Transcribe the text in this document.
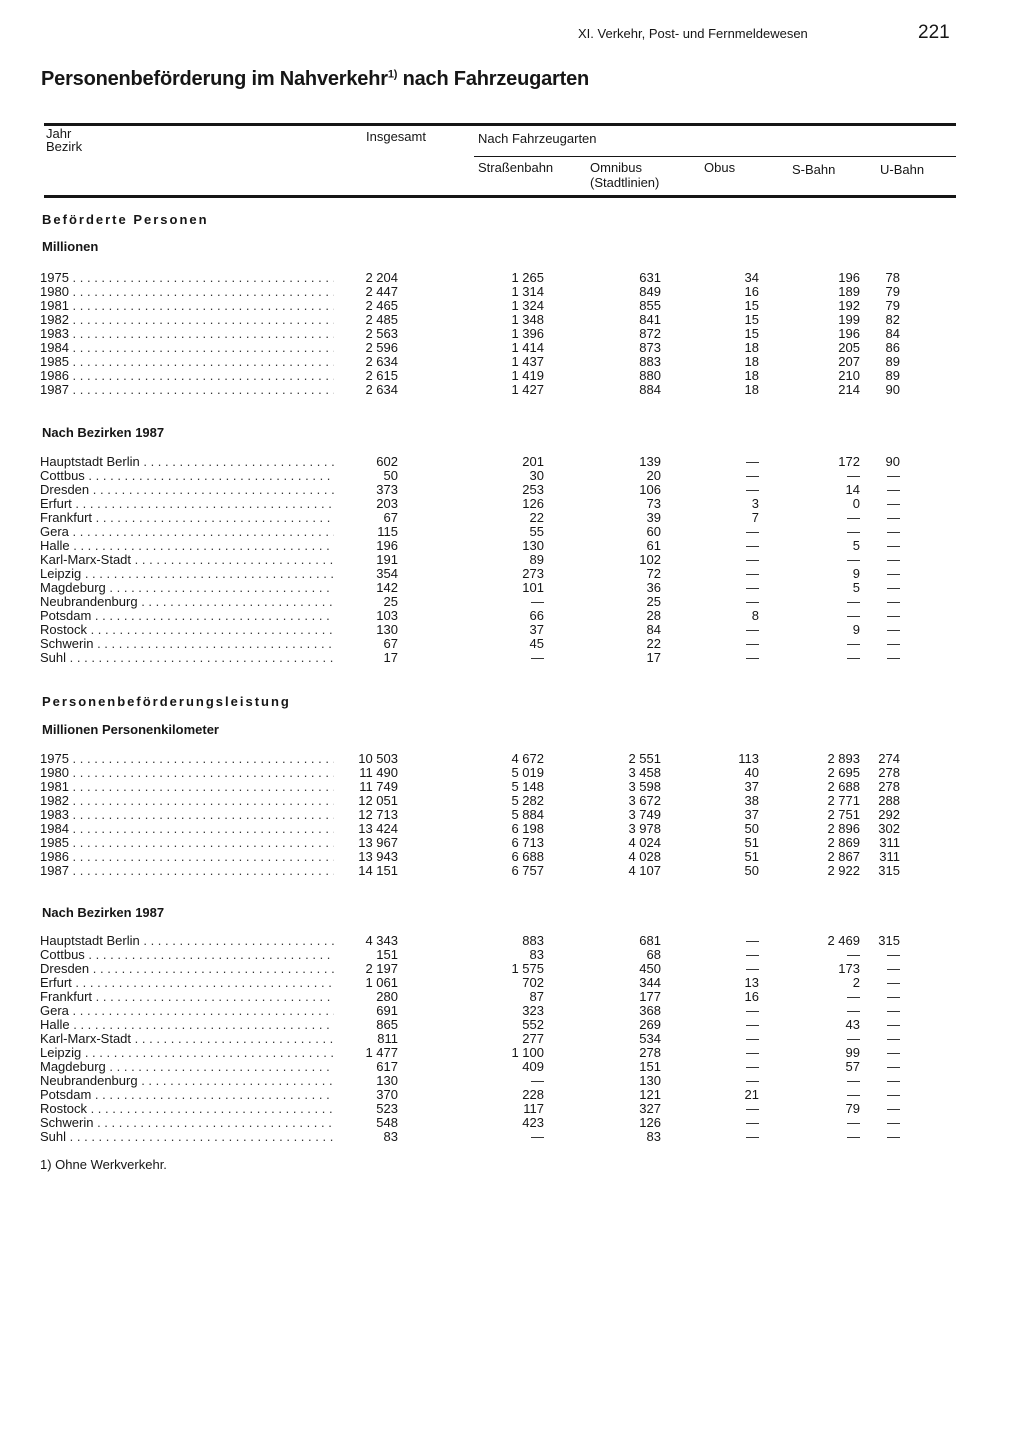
XI. Verkehr, Post- und Fernmeldewesen	221
Personenbeförderung im Nahverkehr$^{1)}$ nach Fahrzeugarten
Jahr
Bezirk
Insgesamt	Nach Fahrzeugarten
Straßenbahn	Omnibus
(Stadtlinien)
Obus	S-Bahn	U-Bahn
Beförderte Personen
Millionen
Nach Bezirken 1987
Personenbeförderungsleistung
Millionen Personenkilometer
Nach Bezirken 1987
1975 . . .	2 204	1 265	631	34	196	78
1980 . . .	2 447	1 314	849	16	189	79
1981 . . .	2 465	1 324	855	15	192	79
1982 . . .	2 485	1 348	841	15	199	82
1983 . . .	2 563	1 396	872	15	196	84
1984 . . .	2 596	1 414	873	18	205	86
1985 . . .	2 634	1 437	883	18	207	89
1986 . . .	2 615	1 419	880	18	210	89
1987 . . .	2 634	1 427	884	18	214	90
Hauptstadt Berlin . . .	602	201	139	—	172	90
Cottbus . . .	50	30	20	—	—	—
Dresden . . .	373	253	106	—	14	—
Erfurt . . .	203	126	73	3	0	—
Frankfurt . . .	67	22	39	7	—	—
Gera . . .	115	55	60	—	—	—
Halle . . .	196	130	61	—	5	—
Karl-Marx-Stadt . . .	191	89	102	—	—	—
Leipzig . . .	354	273	72	—	9	—
Magdeburg . . .	142	101	36	—	5	—
Neubrandenburg . . .	25	—	25	—	—	—
Potsdam . . .	103	66	28	8	—	—
Rostock . . .	130	37	84	—	9	—
Schwerin . . .	67	45	22	—	—	—
Suhl . . .	17	—	17	—	—	—
1975 . . .	10 503	4 672	2 551	113	2 893	274
1980 . . .	11 490	5 019	3 458	40	2 695	278
1981 . . .	11 749	5 148	3 598	37	2 688	278
1982 . . .	12 051	5 282	3 672	38	2 771	288
1983 . . .	12 713	5 884	3 749	37	2 751	292
1984 . . .	13 424	6 198	3 978	50	2 896	302
1985 . . .	13 967	6 713	4 024	51	2 869	311
1986 . . .	13 943	6 688	4 028	51	2 867	311
1987 . . .	14 151	6 757	4 107	50	2 922	315
Hauptstadt Berlin . . .	4 343	883	681	—	2 469	315
Cottbus . . .	151	83	68	—	—	—
Dresden . . .	2 197	1 575	450	—	173	—
Erfurt . . .	1 061	702	344	13	2	—
Frankfurt . . .	280	87	177	16	—	—
Gera . . .	691	323	368	—	—	—
Halle . . .	865	552	269	—	43	—
Karl-Marx-Stadt . . .	811	277	534	—	—	—
Leipzig . . .	1 477	1 100	278	—	99	—
Magdeburg . . .	617	409	151	—	57	—
Neubrandenburg . . .	130	—	130	—	—	—
Potsdam . . .	370	228	121	21	—	—
Rostock . . .	523	117	327	—	79	—
Schwerin . . .	548	423	126	—	—	—
Suhl . . .	83	—	83	—	—	—
1) Ohne Werkverkehr.
